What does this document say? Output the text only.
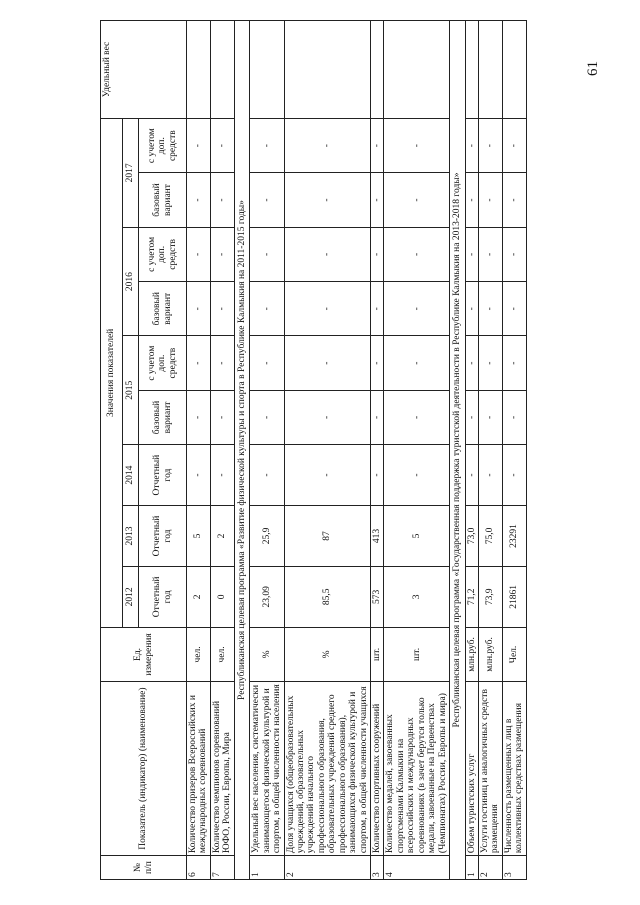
61
№ п/п	Показатель (индикатор) (наименование)	Ед. измерения	Значения показателей									Удельный вес
			2012	2013	2014	2015		2016		2017		
			Отчетный год	Отчетный год	Отчетный год	базовый вариант	с учетом доп. средств	базовый вариант	с учетом доп. средств	базовый вариант	с учетом доп. средств	
6	Количество призеров Всероссийских и международных соревнований	чел.	2	5	-	-	-	-	-	-	-	
7	Количество чемпионов соревнований ЮФО, России, Европы, Мира	чел.	0	2	-	-	-	-	-	-	-	
Республиканская целевая программа «Развитие физической культуры и спорта в Республике Калмыкия на 2011-2015 годы»												
1	Удельный вес населения, систематически занимающегося физической культурой и спортом, в общей численности населения	%	23,09	25,9	-	-	-	-	-	-	-	
2	Доля учащихся (общеобразовательных учреждений, образовательных учреждений начального профессионального образования, образовательных учреждений среднего профессионального образования), занимающихся физической культурой и спортом, в общей численности учащихся	%	85,5	87	-	-	-	-	-	-	-	
3	Количество спортивных сооружений	шт.	573	413	-	-	-	-	-	-	-	
4	Количество медалей, завоеванных спортсменами Калмыкии на всероссийских и международных соревнованиях (в зачет берутся только медали, завоеванные на Первенствах (Чемпионатах) России, Европы и мира)	шт.	3	5	-	-	-	-	-	-	-	
Республиканская целевая программа «Государственная поддержка туристской деятельности в Республике Калмыкия на 2013-2018 годы»												
1	Объем туристских услуг	млн.руб.	71,2	73,0	-	-	-	-	-	-	-	
2	Услуги гостиниц и аналогичных средств размещения	млн.руб.	73,9	75,0	-	-	-	-	-	-	-	
3	Численность размещенных лиц в коллективных средствах размещения	Чел.	21861	23291	-	-	-	-	-	-	-	
